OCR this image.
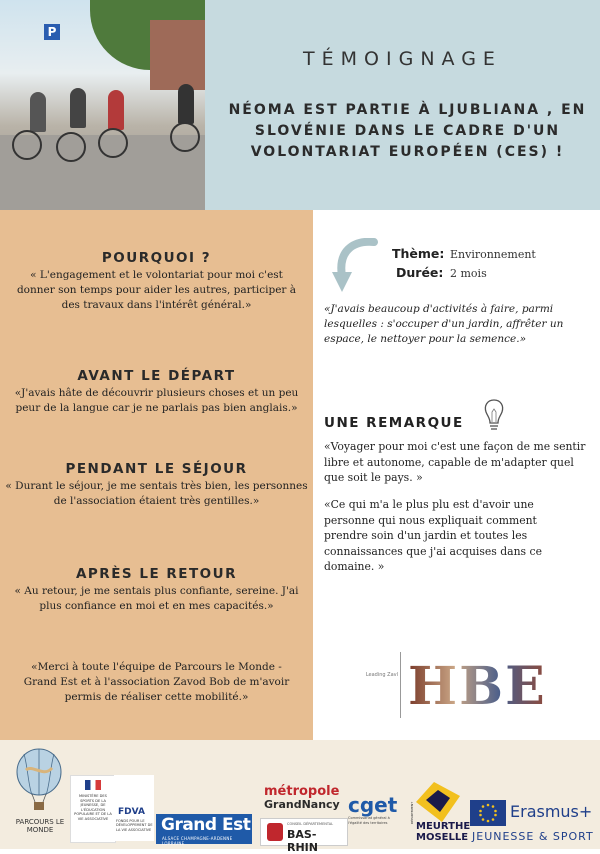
P
TÉMOIGNAGE
NÉOMA EST PARTIE À LJUBLIANA , EN
SLOVÉNIE DANS LE CADRE D'UN
VOLONTARIAT EUROPÉEN (CES) !
POURQUOI ?
« L'engagement et le volontariat pour moi c'est
donner son temps pour aider les autres, participer à
des travaux dans l'intérêt général.»
AVANT LE DÉPART
«J'avais hâte de découvrir plusieurs choses et un peu
peur de la langue car je ne parlais pas bien anglais.»
PENDANT LE SÉJOUR
« Durant le séjour, je me sentais très bien, les personnes
de l'association étaient très gentilles.»
APRÈS LE RETOUR
« Au retour, je me sentais plus confiante, sereine. J'ai
plus confiance en moi et en mes capacités.»
«Merci à toute l'équipe de Parcours le Monde -
Grand Est et à l'association Zavod Bob de m'avoir
permis de réaliser cette mobilité.»
Thème: Environnement
Durée: 2 mois
«J'avais beaucoup d'activités à faire, parmi
lesquelles : s'occuper d'un jardin, affrêter un
espace, le nettoyer pour la semence.»
UNE REMARQUE
«Voyager pour moi c'est une façon de me sentir
libre et autonome, capable de m'adapter quel
que soit le pays. »
«Ce qui m'a le plus plu est d'avoir une
personne qui nous expliquait comment
prendre soin d'un jardin et toutes les
connaissances que j'ai acquises dans ce
domaine. »
Leading Zavl HBE
PARCOURS LE MONDE
MINISTÈRE DES SPORTS DE LA JEUNESSE, DE L'ÉDUCATION POPULAIRE ET DE LA VIE ASSOCIATIVE
FDVA
FONDS POUR LE DÉVELOPPEMENT DE LA VIE ASSOCIATIVE Grand Est
ALSACE CHAMPAGNE-ARDENNE LORRAINE
métropole
GrandNancy
CONSEIL DÉPARTEMENTAL
BAS-RHIN
cget
Commissariat général à l'égalité des territoires	DÉPARTEMENT
MEURTHE
MOSELLE
Erasmus+
JEUNESSE & SPORT
